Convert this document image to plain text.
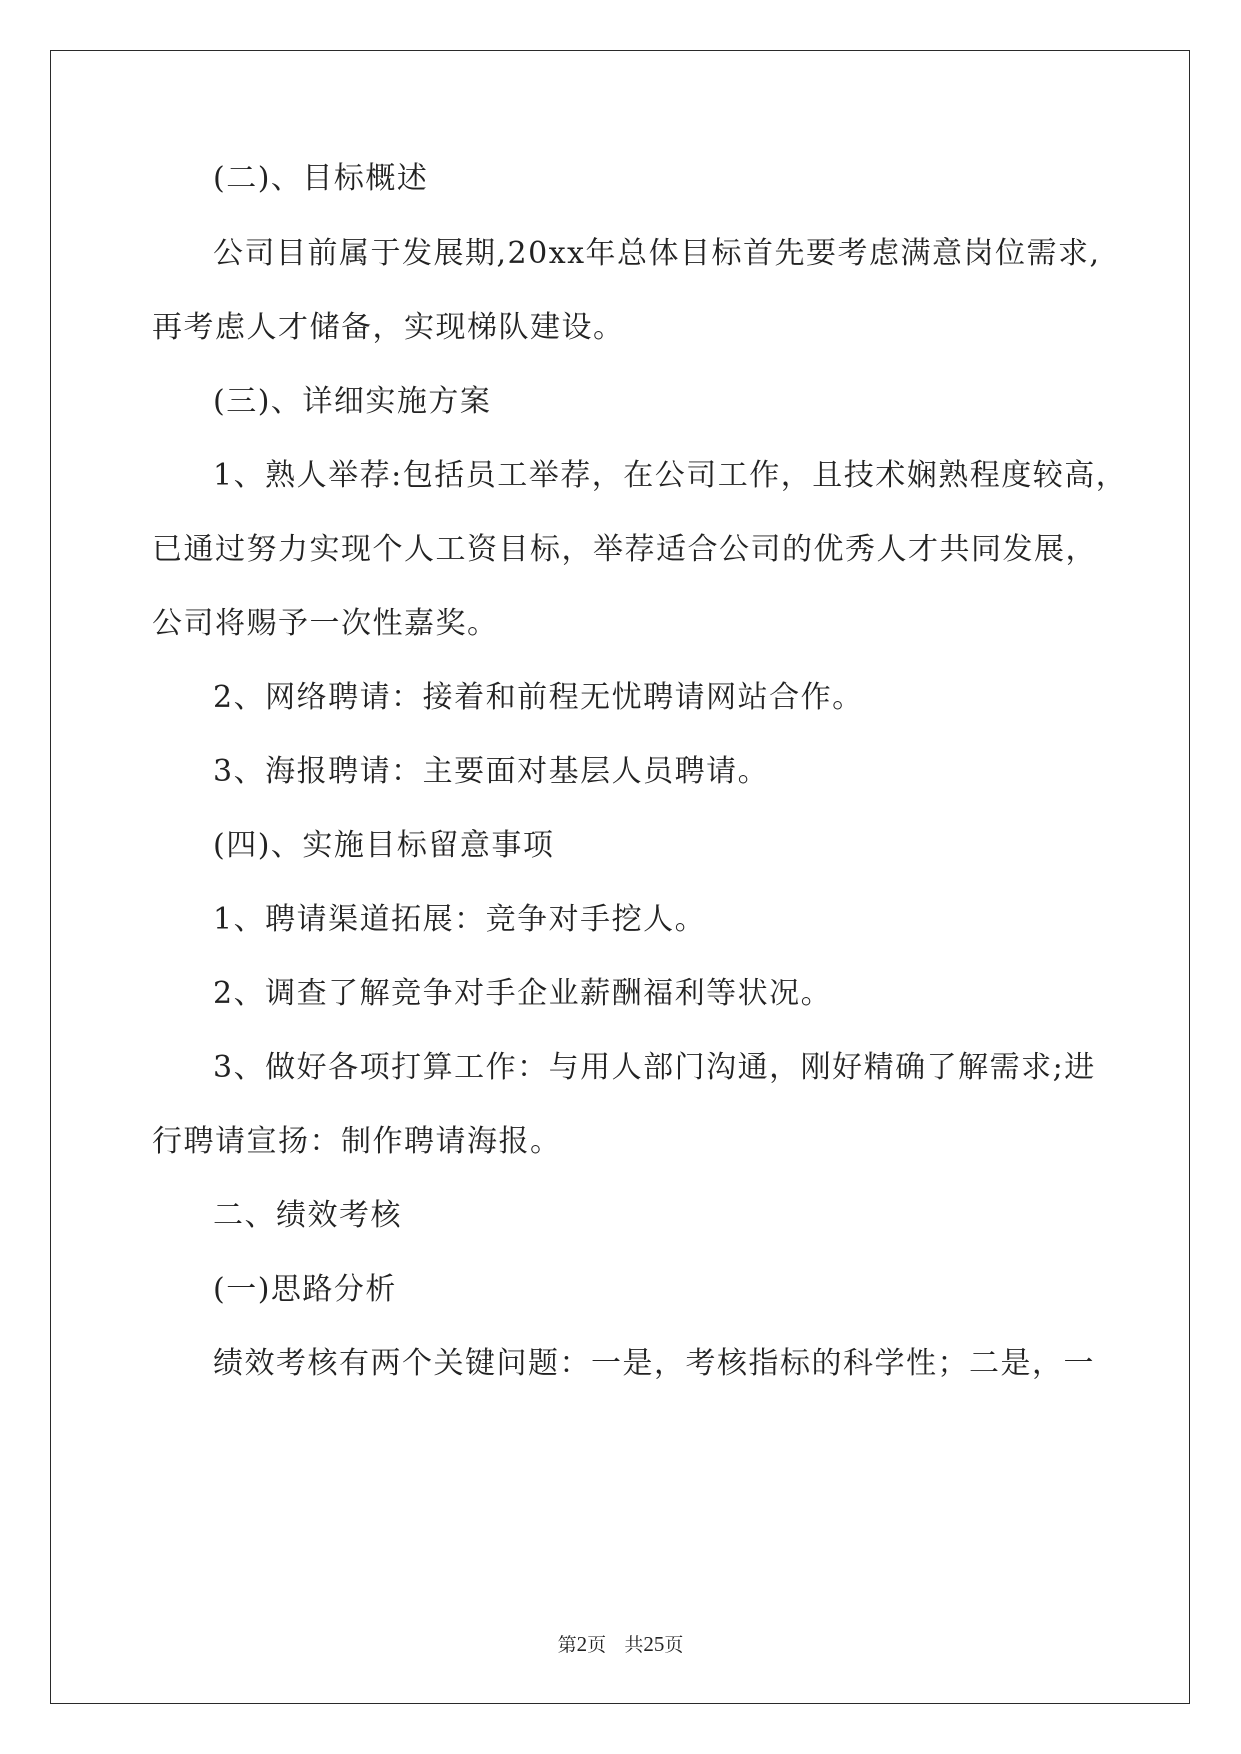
(二)、目标概述

公司目前属于发展期,20xx年总体目标首先要考虑满意岗位需求,

再考虑人才储备，实现梯队建设。

(三)、详细实施方案

1、熟人举荐:包括员工举荐，在公司工作，且技术娴熟程度较高，

已通过努力实现个人工资目标，举荐适合公司的优秀人才共同发展，

公司将赐予一次性嘉奖。

2、网络聘请：接着和前程无忧聘请网站合作。

3、海报聘请：主要面对基层人员聘请。

(四)、实施目标留意事项

1、聘请渠道拓展：竞争对手挖人。

2、调查了解竞争对手企业薪酬福利等状况。

3、做好各项打算工作：与用人部门沟通，刚好精确了解需求;进

行聘请宣扬：制作聘请海报。

二、绩效考核

(一)思路分析

绩效考核有两个关键问题：一是，考核指标的科学性；二是，一

第2页 共25页
